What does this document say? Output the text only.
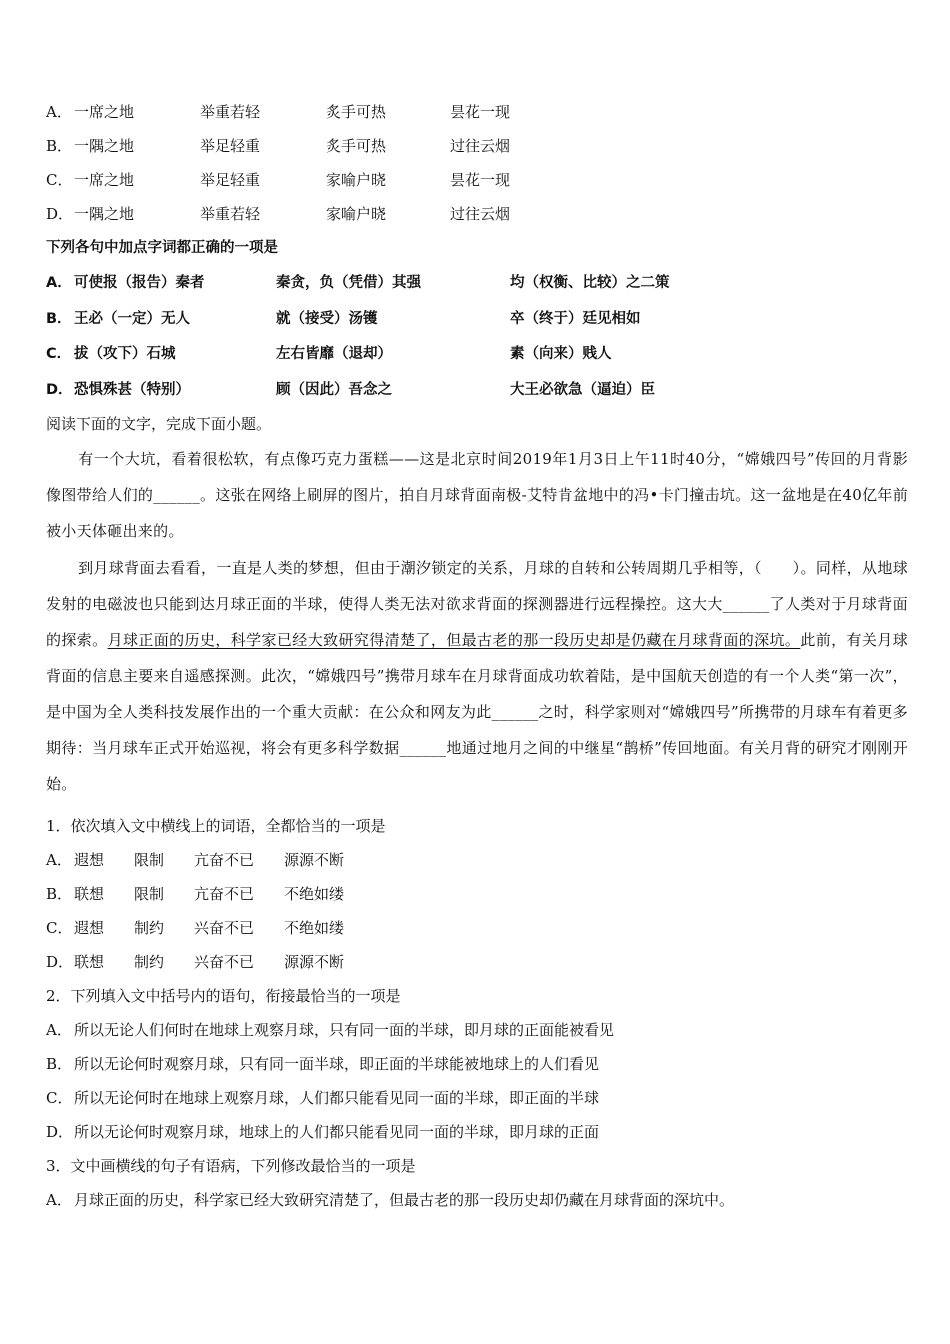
A． 一席之地	举重若轻	炙手可热	昙花一现
B． 一隅之地	举足轻重	炙手可热	过往云烟
C． 一席之地	举足轻重	家喻户晓	昙花一现
D． 一隅之地	举重若轻	家喻户晓	过往云烟
下列各句中加点字词都正确的一项是
A． 可使报（报告）秦者	秦贪，负（凭借）其强	均（权衡、比较）之二策
B． 王必（一定）无人	就（接受）汤镬	卒（终于）廷见相如
C． 拔（攻下）石城	左右皆靡（退却）	素（向来）贱人
D． 恐惧殊甚（特别）	顾（因此）吾念之	大王必欲急（逼迫）臣
阅读下面的文字，完成下面小题。
有一个大坑，看着很松软，有点像巧克力蛋糕——这是北京时间2019年1月3日上午11时40分，“嫦娥四号”传回的月背影像图带给人们的______。这张在网络上刷屏的图片，拍自月球背面南极-艾特肯盆地中的冯•卡门撞击坑。这一盆地是在40亿年前被小天体砸出来的。
到月球背面去看看，一直是人类的梦想，但由于潮汐锁定的关系，月球的自转和公转周期几乎相等，（　　）。同样，从地球发射的电磁波也只能到达月球正面的半球，使得人类无法对欲求背面的探测器进行远程操控。这大大______了人类对于月球背面的探索。月球正面的历史，科学家已经大致研究得清楚了，但最古老的那一段历史却是仍藏在月球背面的深坑。此前，有关月球背面的信息主要来自遥感探测。此次，“嫦娥四号”携带月球车在月球背面成功软着陆，是中国航天创造的有一个人类“第一次”，是中国为全人类科技发展作出的一个重大贡献：在公众和网友为此______之时，科学家则对“嫦娥四号”所携带的月球车有着更多期待：当月球车正式开始巡视，将会有更多科学数据______地通过地月之间的中继星“鹊桥”传回地面。有关月背的研究才刚刚开始。
1．依次填入文中横线上的词语，全都恰当的一项是
A． 遐想 限制 亢奋不已 源源不断
B． 联想 限制 亢奋不已 不绝如缕
C． 遐想 制约 兴奋不已 不绝如缕
D． 联想 制约 兴奋不已 源源不断
2．下列填入文中括号内的语句，衔接最恰当的一项是
A． 所以无论人们何时在地球上观察月球，只有同一面的半球，即月球的正面能被看见
B． 所以无论何时观察月球，只有同一面半球，即正面的半球能被地球上的人们看见
C． 所以无论何时在地球上观察月球，人们都只能看见同一面的半球，即正面的半球
D． 所以无论何时观察月球，地球上的人们都只能看见同一面的半球，即月球的正面
3．文中画横线的句子有语病，下列修改最恰当的一项是
A． 月球正面的历史，科学家已经大致研究清楚了，但最古老的那一段历史却仍藏在月球背面的深坑中。
